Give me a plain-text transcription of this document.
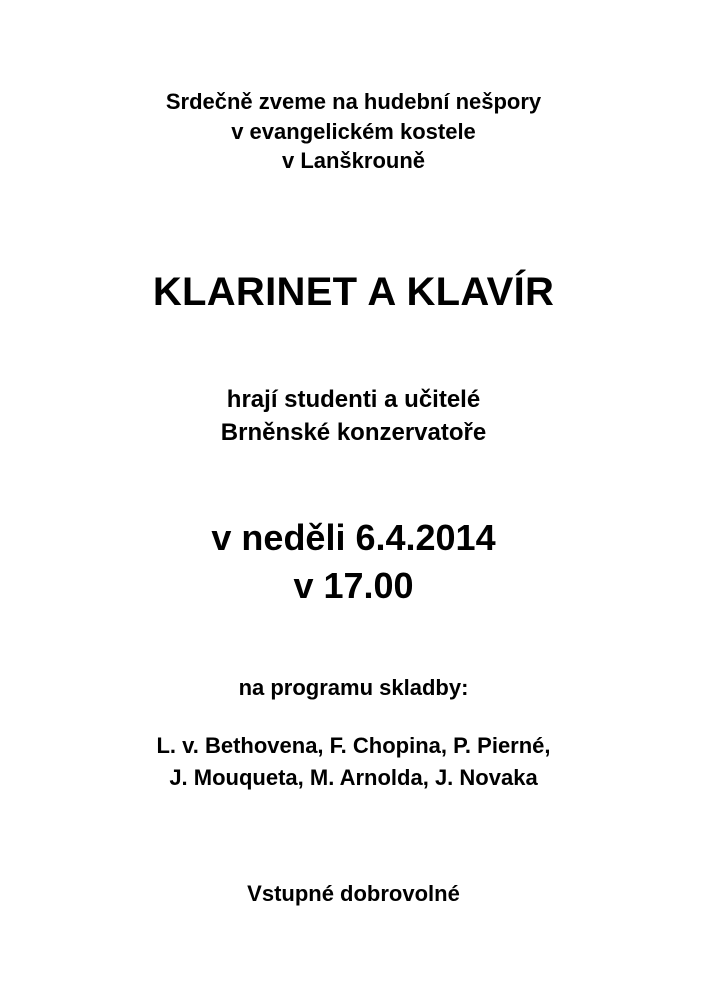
Srdečně zveme na hudební nešpory
v evangelickém kostele
v Lanškrouně
KLARINET A KLAVÍR
hrají studenti a učitelé
Brněnské konzervatoře
v neděli 6.4.2014
v 17.00
na programu skladby:
L. v. Bethovena, F. Chopina, P. Pierné,
J. Mouqueta, M. Arnolda, J. Novaka
Vstupné dobrovolné
